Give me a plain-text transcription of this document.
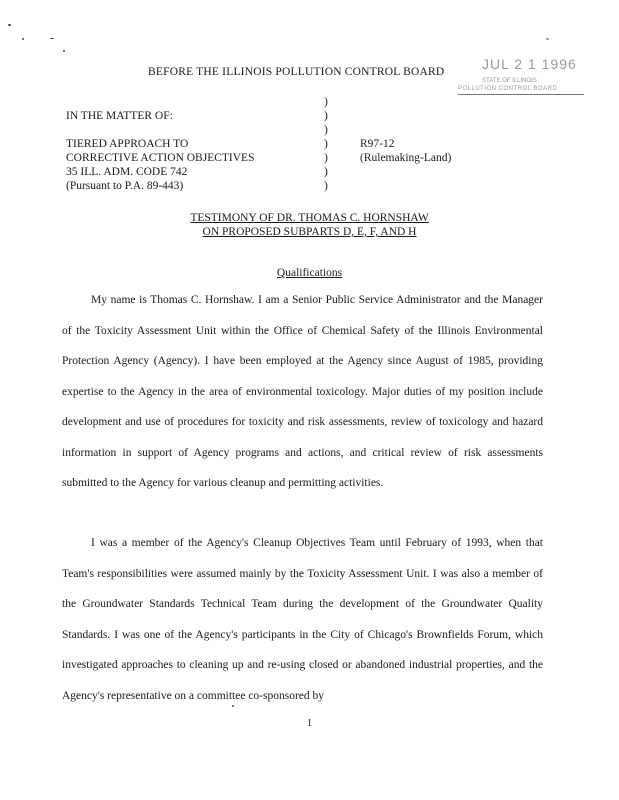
JUL 2 1 1996
STATE OF ILLINOIS
POLLUTION CONTROL BOARD
BEFORE THE ILLINOIS POLLUTION CONTROL BOARD
IN THE MATTER OF:
TIERED APPROACH TO
CORRECTIVE ACTION OBJECTIVES
35 ILL. ADM. CODE 742
(Pursuant to P.A. 89-443)
)
)
)
)
)
)
)
R97-12
(Rulemaking-Land)
TESTIMONY OF DR. THOMAS C. HORNSHAW
ON PROPOSED SUBPARTS D, E, F, AND H
Qualifications

My name is Thomas C. Hornshaw. I am a Senior Public Service Administrator and the Manager of the Toxicity Assessment Unit within the Office of Chemical Safety of the Illinois Environmental Protection Agency (Agency). I have been employed at the Agency since August of 1985, providing expertise to the Agency in the area of environmental toxicology. Major duties of my position include development and use of procedures for toxicity and risk assessments, review of toxicology and hazard information in support of Agency programs and actions, and critical review of risk assessments submitted to the Agency for various cleanup and permitting activities.

I was a member of the Agency's Cleanup Objectives Team until February of 1993, when that Team's responsibilities were assumed mainly by the Toxicity Assessment Unit. I was also a member of the Groundwater Standards Technical Team during the development of the Groundwater Quality Standards. I was one of the Agency's participants in the City of Chicago's Brownfields Forum, which investigated approaches to cleaning up and re-using closed or abandoned industrial properties, and the Agency's representative on a committee co-sponsored by

1
